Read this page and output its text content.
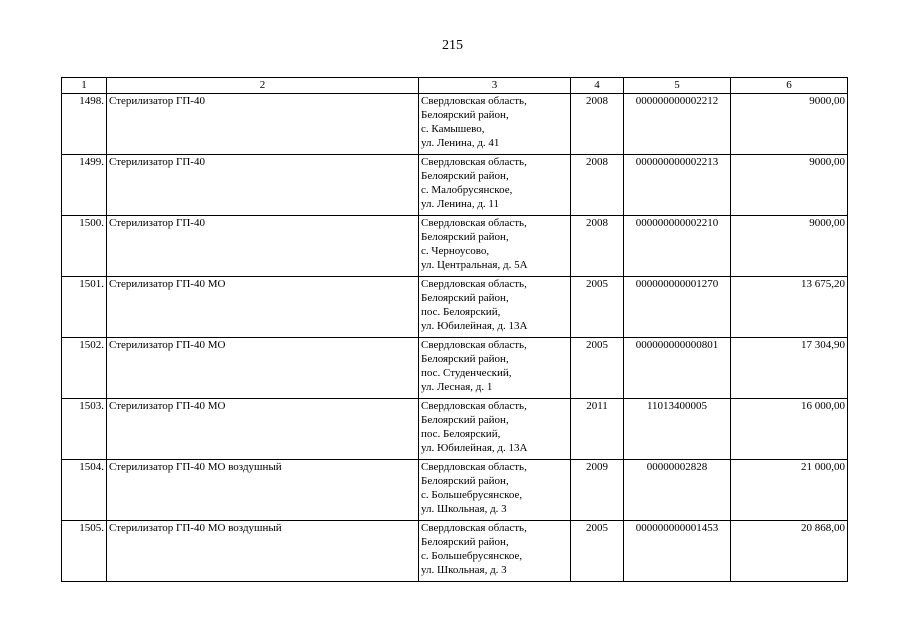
215
1	2	3	4	5	6
1498.	Стерилизатор ГП-40	Свердловская область,
Белоярский район,
с. Камышево,
ул. Ленина, д. 41	2008	000000000002212	9000,00
1499.	Стерилизатор ГП-40	Свердловская область,
Белоярский район,
с. Малобрусянское,
ул. Ленина, д. 11	2008	000000000002213	9000,00
1500.	Стерилизатор ГП-40	Свердловская область,
Белоярский район,
с. Черноусово,
ул. Центральная, д. 5А	2008	000000000002210	9000,00
1501.	Стерилизатор ГП-40 МО	Свердловская область,
Белоярский район,
пос. Белоярский,
ул. Юбилейная, д. 13А	2005	000000000001270	13 675,20
1502.	Стерилизатор ГП-40 МО	Свердловская область,
Белоярский район,
пос. Студенческий,
ул. Лесная, д. 1	2005	000000000000801	17 304,90
1503.	Стерилизатор ГП-40 МО	Свердловская область,
Белоярский район,
пос. Белоярский,
ул. Юбилейная, д. 13А	2011	11013400005	16 000,00
1504.	Стерилизатор ГП-40 МО воздушный	Свердловская область,
Белоярский район,
с. Большебрусянское,
ул. Школьная, д. 3	2009	00000002828	21 000,00
1505.	Стерилизатор ГП-40 МО воздушный	Свердловская область,
Белоярский район,
с. Большебрусянское,
ул. Школьная, д. 3	2005	000000000001453	20 868,00
